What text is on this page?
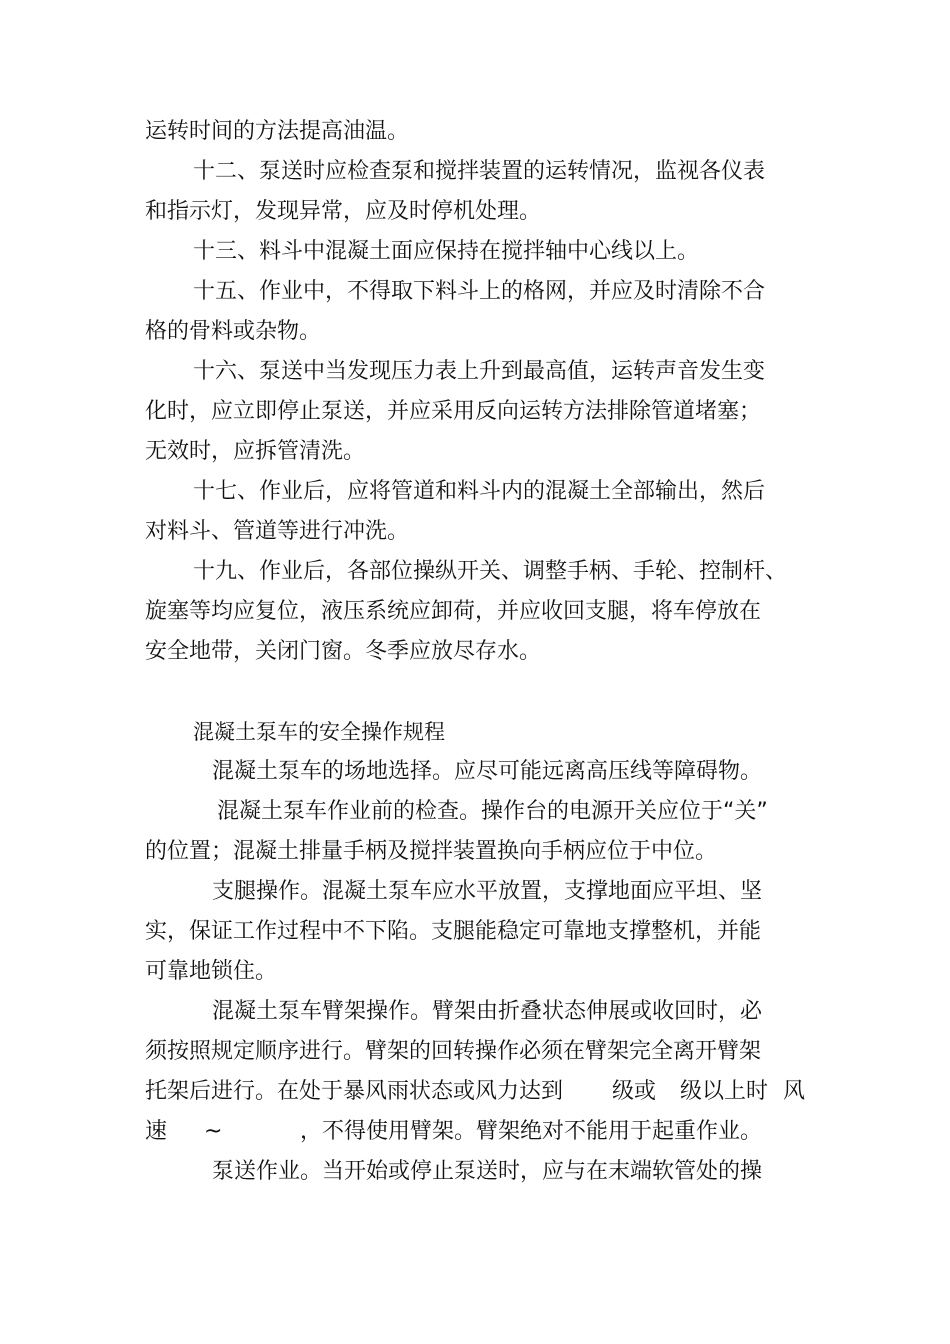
运转时间的方法提高油温。
十二、泵送时应检查泵和搅拌装置的运转情况，监视各仪表
和指示灯，发现异常，应及时停机处理。
十三、料斗中混凝土面应保持在搅拌轴中心线以上。
十五、作业中，不得取下料斗上的格网，并应及时清除不合
格的骨料或杂物。
十六、泵送中当发现压力表上升到最高值，运转声音发生变
化时，应立即停止泵送，并应采用反向运转方法排除管道堵塞；
无效时，应拆管清洗。
十七、作业后，应将管道和料斗内的混凝土全部输出，然后
对料斗、管道等进行冲洗。
十九、作业后，各部位操纵开关、调整手柄、手轮、控制杆、
旋塞等均应复位，液压系统应卸荷，并应收回支腿，将车停放在
安全地带，关闭门窗。冬季应放尽存水。
混凝土泵车的安全操作规程
混凝土泵车的场地选择。应尽可能远离高压线等障碍物。
混凝土泵车作业前的检查。操作台的电源开关应位于“关”
的位置；混凝土排量手柄及搅拌装置换向手柄应位于中位。
支腿操作。混凝土泵车应水平放置，支撑地面应平坦、坚
实，保证工作过程中不下陷。支腿能稳定可靠地支撑整机，并能
可靠地锁住。
混凝土泵车臂架操作。臂架由折叠状态伸展或收回时，必
须按照规定顺序进行。臂架的回转操作必须在臂架完全离开臂架
托架后进行。在处于暴风雨状态或风力达到 级或 级以上时 风
速 ~	，不得使用臂架。臂架绝对不能用于起重作业。
泵送作业。当开始或停止泵送时，应与在末端软管处的操
